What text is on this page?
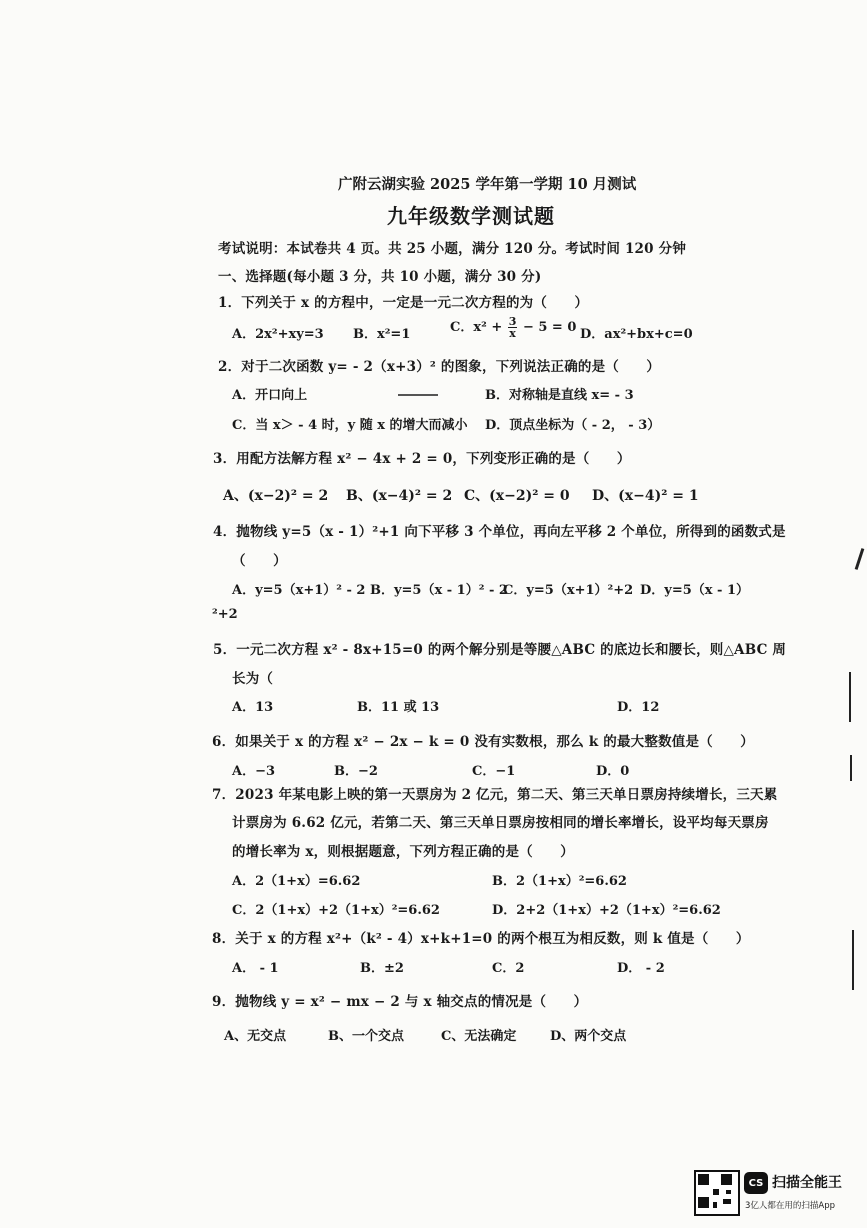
广附云湖实验 2025 学年第一学期 10 月测试
九年级数学测试题
考试说明：本试卷共 4 页。共 25 小题，满分 120 分。考试时间 120 分钟
一、选择题(每小题 3 分，共 10 小题，满分 30 分)
1．下列关于 x 的方程中，一定是一元二次方程的为（　　）
A．2x²+xy=3 B．x²=1	C．$x^2 + \frac{3}{x} - 5 = 0$ D．ax²+bx+c=0
2．对于二次函数 y= - 2（x+3）² 的图象，下列说法正确的是（　　）
A．开口向上	B．对称轴是直线 x= - 3
C．当 x＞ - 4 时，y 随 x 的增大而减小 D．顶点坐标为（ - 2， - 3）
3．用配方法解方程 x² − 4x + 2 = 0，下列变形正确的是（　　）
A、(x−2)² = 2 B、(x−4)² = 2 C、(x−2)² = 0 D、(x−4)² = 1
4．抛物线 y=5（x - 1）²+1 向下平移 3 个单位，再向左平移 2 个单位，所得到的函数式是
（　　）
A．y=5（x+1）² - 2 B．y=5（x - 1）² - 2
C．y=5（x+1）²+2 D．y=5（x - 1）
²+2
5．一元二次方程 x² - 8x+15=0 的两个解分别是等腰△ABC 的底边长和腰长，则△ABC 周
长为（
A．13	B．11 或 13	D．12
6．如果关于 x 的方程 x² − 2x − k = 0 没有实数根，那么 k 的最大整数值是（　　）
A．−3	B．−2	C．−1	D．0
7．2023 年某电影上映的第一天票房为 2 亿元，第二天、第三天单日票房持续增长，三天累
计票房为 6.62 亿元，若第二天、第三天单日票房按相同的增长率增长，设平均每天票房
的增长率为 x，则根据题意，下列方程正确的是（　　）
A．2（1+x）=6.62	B．2（1+x）²=6.62
C．2（1+x）+2（1+x）²=6.62	D．2+2（1+x）+2（1+x）²=6.62
8．关于 x 的方程 x²+（k² - 4）x+k+1=0 的两个根互为相反数，则 k 值是（　　）
A． - 1	B．±2	C．2	D． - 2
9．抛物线 y = x² − mx − 2 与 x 轴交点的情况是（　　）
A、无交点	B、一个交点	C、无法确定	D、两个交点
CS 扫描全能王
3亿人都在用的扫描App
